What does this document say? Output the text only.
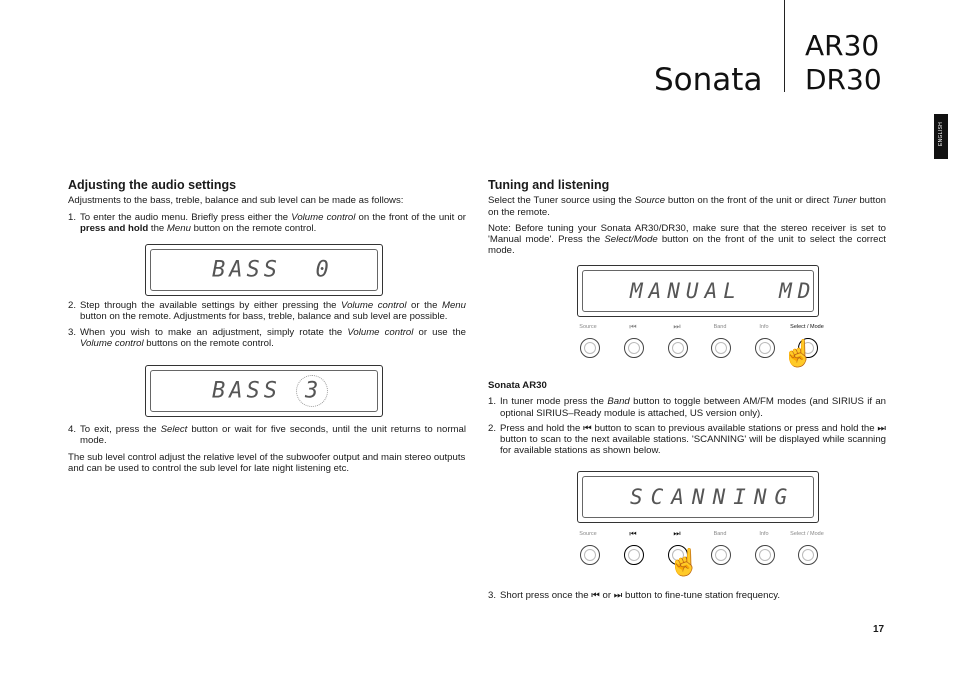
Sonata
AR30
DR30
ENGLISH
Adjusting the audio settings

Adjustments to the bass, treble, balance and sub level can be made as follows:

1. To enter the audio menu. Briefly press either the Volume control on the front of the unit or press and hold the Menu button on the remote control.
BASS  0
2. Step through the available settings by either pressing the Volume control or the Menu button on the remote. Adjustments for bass, treble, balance and sub level are possible.
3. When you wish to make an adjustment, simply rotate the Volume control or use the Volume control buttons on the remote control.
BASS 3
4. To exit, press the Select button or wait for five seconds, until the unit returns to normal mode.

The sub level control adjust the relative level of the subwoofer output and main stereo outputs and can be used to control the sub level for late night listening etc.

Tuning and listening

Select the Tuner source using the Source button on the front of the unit or direct Tuner button on the remote.

Note: Before tuning your Sonata AR30/DR30, make sure that the stereo receiver is set to 'Manual mode'. Press the Select/Mode button on the front of the unit to select the correct mode.

MANUAL  MD
Source	⏮	⏭	Band	Info	Select / Mode
☝

Sonata AR30

1. In tuner mode press the Band button to toggle between AM/FM modes (and SIRIUS if an optional SIRIUS–Ready module is attached, US version only).
2. Press and hold the ⏮ button to scan to previous available stations or press and hold the ⏭ button to scan to the next available stations. 'SCANNING' will be displayed while scanning for available stations as shown below.
SCANNING
Source	⏮	⏭	Band	Info	Select / Mode
☝
3. Short press once the ⏮ or ⏭ button to fine-tune station frequency.
17
